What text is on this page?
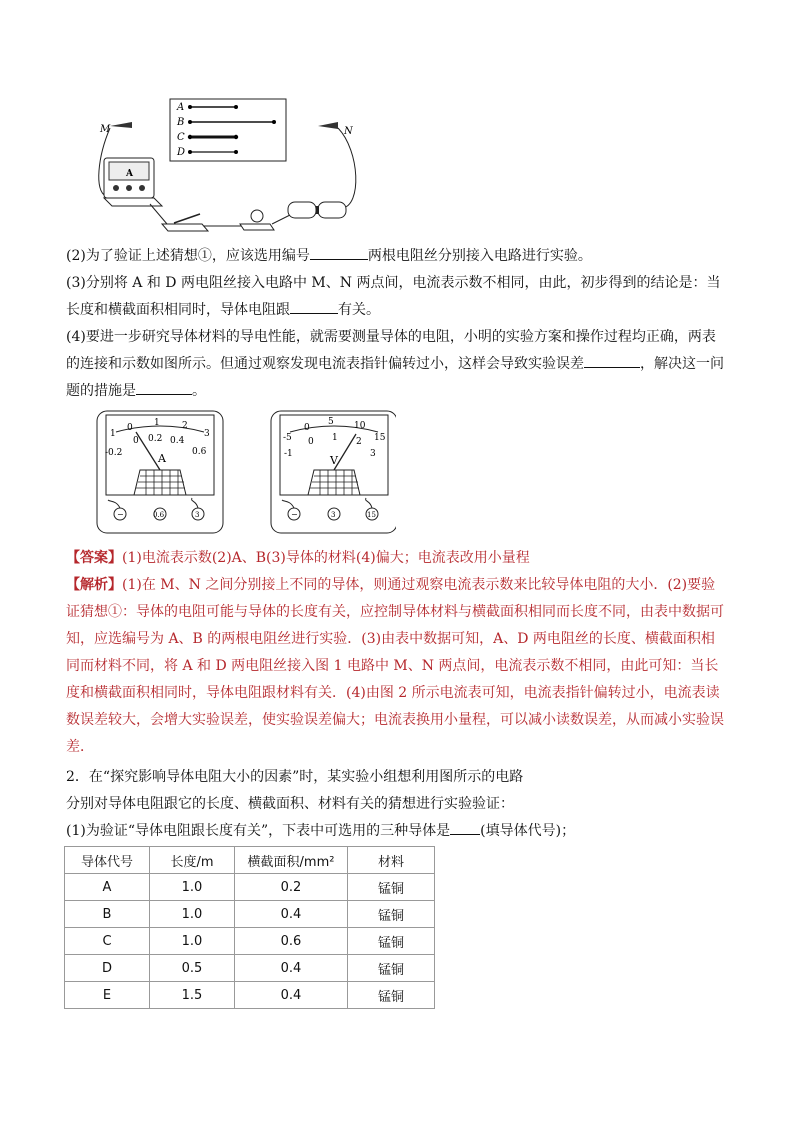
A
B
C
D
M	N
A
(2)为了验证上述猜想①，应该选用编号	两根电阻丝分别接入电路进行实验。
(3)分别将 A 和 D 两电阻丝接入电路中 M、N 两点间，电流表示数不相同，由此，初步得到的结论是：当长度和横截面积相同时，导体电阻跟	有关。
(4)要进一步研究导体材料的导电性能，就需要测量导体的电阻，小明的实验方案和操作过程均正确，两表的连接和示数如图所示。但通过观察发现电流表指针偏转过小，这样会导致实验误差	，解决这一问题的措施是	。
1
0 1 2
3
-0.2
0 0.2 0.4
0.6
A
−	0.6	3
-5
0
5 10
15
-1
0 1 2
3
V
−	3	15
【答案】(1)电流表示数(2)A、B(3)导体的材料(4)偏大；电流表改用小量程
【解析】(1)在 M、N 之间分别接上不同的导体，则通过观察电流表示数来比较导体电阻的大小．(2)要验证猜想①：导体的电阻可能与导体的长度有关，应控制导体材料与横截面积相同而长度不同，由表中数据可知，应选编号为 A、B 的两根电阻丝进行实验．(3)由表中数据可知，A、D 两电阻丝的长度、横截面积相同而材料不同，将 A 和 D 两电阻丝接入图 1 电路中 M、N 两点间，电流表示数不相同，由此可知：当长度和横截面积相同时，导体电阻跟材料有关．(4)由图 2 所示电流表可知，电流表指针偏转过小，电流表读数误差较大，会增大实验误差，使实验误差偏大；电流表换用小量程，可以减小读数误差，从而减小实验误差．
2．在“探究影响导体电阻大小的因素”时，某实验小组想利用图所示的电路
分别对导体电阻跟它的长度、横截面积、材料有关的猜想进行实验验证：
(1)为验证“导体电阻跟长度有关”，下表中可选用的三种导体是 (填导体代号)；
导体代号	长度/m	横截面积/mm²	材料
A	1.0	0.2	锰铜
B	1.0	0.4	锰铜
C	1.0	0.6	锰铜
D	0.5	0.4	锰铜
E	1.5	0.4	锰铜
